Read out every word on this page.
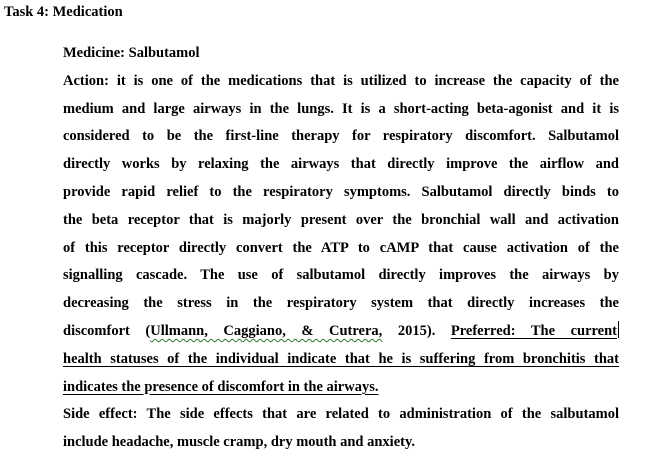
Task 4: Medication

Medicine: Salbutamol

Action: it is one of the medications that is utilized to increase the capacity of the
medium and large airways in the lungs. It is a short-acting beta-agonist and it is
considered to be the first-line therapy for respiratory discomfort. Salbutamol
directly works by relaxing the airways that directly improve the airflow and
provide rapid relief to the respiratory symptoms. Salbutamol directly binds to
the beta receptor that is majorly present over the bronchial wall and activation
of this receptor directly convert the ATP to cAMP that cause activation of the
signalling cascade. The use of salbutamol directly improves the airways by
decreasing the stress in the respiratory system that directly increases the
discomfort (Ullmann, Caggiano, & Cutrera, 2015). Preferred: The current
health statuses of the individual indicate that he is suffering from bronchitis that
indicates the presence of discomfort in the airways.
Side effect: The side effects that are related to administration of the salbutamol
include headache, muscle cramp, dry mouth and anxiety.
